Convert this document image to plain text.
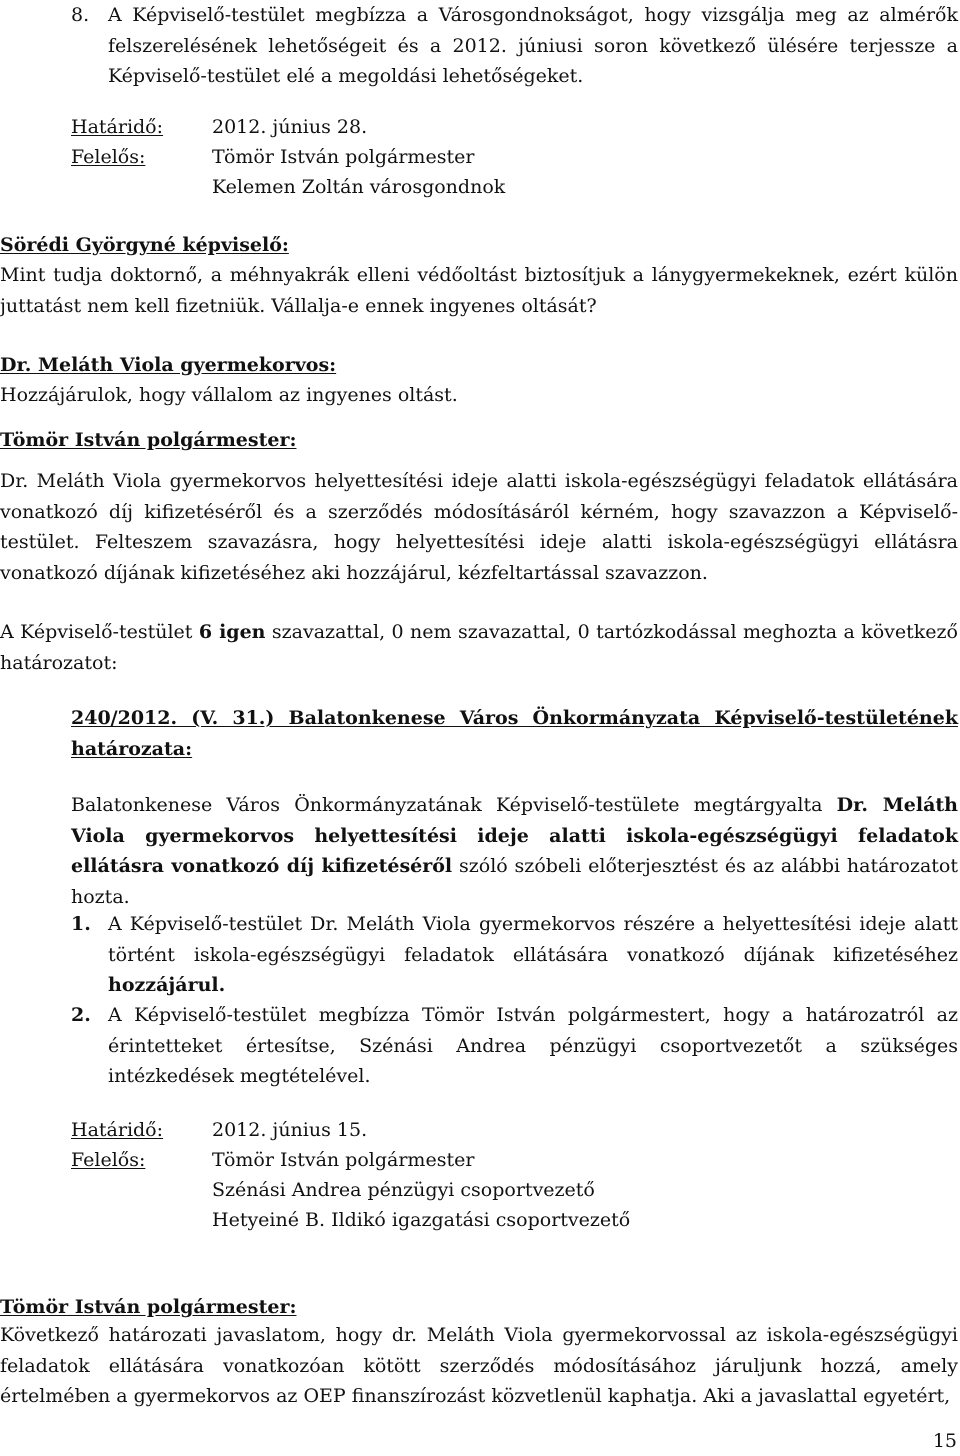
8. A Képviselő-testület megbízza a Városgondnokságot, hogy vizsgálja meg az almérők felszerelésének lehetőségeit és a 2012. júniusi soron következő ülésére terjessze a Képviselő-testület elé a megoldási lehetőségeket.
Határidő:	2012. június 28.
Felelős:	Tömör István polgármester
Kelemen Zoltán városgondnok
Sörédi Györgyné képviselő:
Mint tudja doktornő, a méhnyakrák elleni védőoltást biztosítjuk a lánygyermekeknek, ezért külön juttatást nem kell fizetniük. Vállalja-e ennek ingyenes oltását?
Dr. Meláth Viola gyermekorvos:
Hozzájárulok, hogy vállalom az ingyenes oltást.
Tömör István polgármester:
Dr. Meláth Viola gyermekorvos helyettesítési ideje alatti iskola-egészségügyi feladatok ellátására vonatkozó díj kifizetéséről és a szerződés módosításáról kérném, hogy szavazzon a Képviselő-testület. Felteszem szavazásra, hogy helyettesítési ideje alatti iskola-egészségügyi ellátásra vonatkozó díjának kifizetéséhez aki hozzájárul, kézfeltartással szavazzon.
A Képviselő-testület 6 igen szavazattal, 0 nem szavazattal, 0 tartózkodással meghozta a következő határozatot:
240/2012. (V. 31.) Balatonkenese Város Önkormányzata Képviselő-testületének határozata:
Balatonkenese Város Önkormányzatának Képviselő-testülete megtárgyalta Dr. Meláth Viola gyermekorvos helyettesítési ideje alatti iskola-egészségügyi feladatok ellátásra vonatkozó díj kifizetéséről szóló szóbeli előterjesztést és az alábbi határozatot hozta.
1. A Képviselő-testület Dr. Meláth Viola gyermekorvos részére a helyettesítési ideje alatt történt iskola-egészségügyi feladatok ellátására vonatkozó díjának kifizetéséhez hozzájárul.
2. A Képviselő-testület megbízza Tömör István polgármestert, hogy a határozatról az érintetteket értesítse, Szénási Andrea pénzügyi csoportvezetőt a szükséges intézkedések megtételével.
Határidő:	2012. június 15.
Felelős:	Tömör István polgármester
Szénási Andrea pénzügyi csoportvezető
Hetyeiné B. Ildikó igazgatási csoportvezető
Tömör István polgármester:
Következő határozati javaslatom, hogy dr. Meláth Viola gyermekorvossal az iskola-egészségügyi feladatok ellátására vonatkozóan kötött szerződés módosításához járuljunk hozzá, amely értelmében a gyermekorvos az OEP finanszírozást közvetlenül kaphatja. Aki a javaslattal egyetért,
15
